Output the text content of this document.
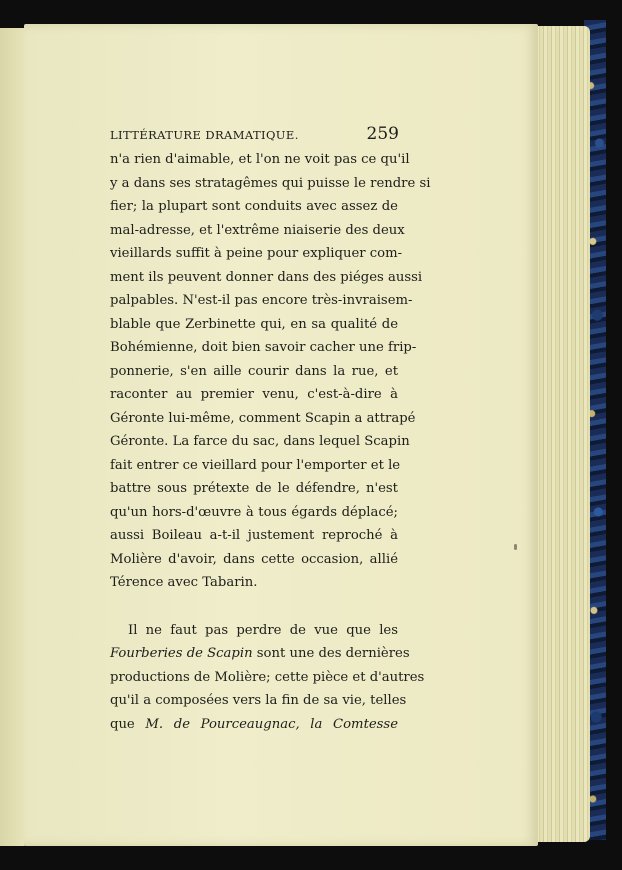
LITTÉRATURE DRAMATIQUE.	259
n'a rien d'aimable, et l'on ne voit pas ce qu'il
y a dans ses stratagêmes qui puisse le rendre si
fier; la plupart sont conduits avec assez de
mal-adresse, et l'extrême niaiserie des deux
vieillards suffit à peine pour expliquer com-
ment ils peuvent donner dans des piéges aussi
palpables. N'est-il pas encore très-invraisem-
blable que Zerbinette qui, en sa qualité de
Bohémienne, doit bien savoir cacher une frip-
ponnerie, s'en aille courir dans la rue, et
raconter au premier venu, c'est-à-dire à
Géronte lui-même, comment Scapin a attrapé
Géronte. La farce du sac, dans lequel Scapin
fait entrer ce vieillard pour l'emporter et le
battre sous prétexte de le défendre, n'est
qu'un hors-d'œuvre à tous égards déplacé;
aussi Boileau a-t-il justement reproché à
Molière d'avoir, dans cette occasion, allié
Térence avec Tabarin.
Il ne faut pas perdre de vue que les
Fourberies de Scapin sont une des dernières
productions de Molière; cette pièce et d'autres
qu'il a composées vers la fin de sa vie, telles
que M. de Pourceaugnac, la Comtesse
